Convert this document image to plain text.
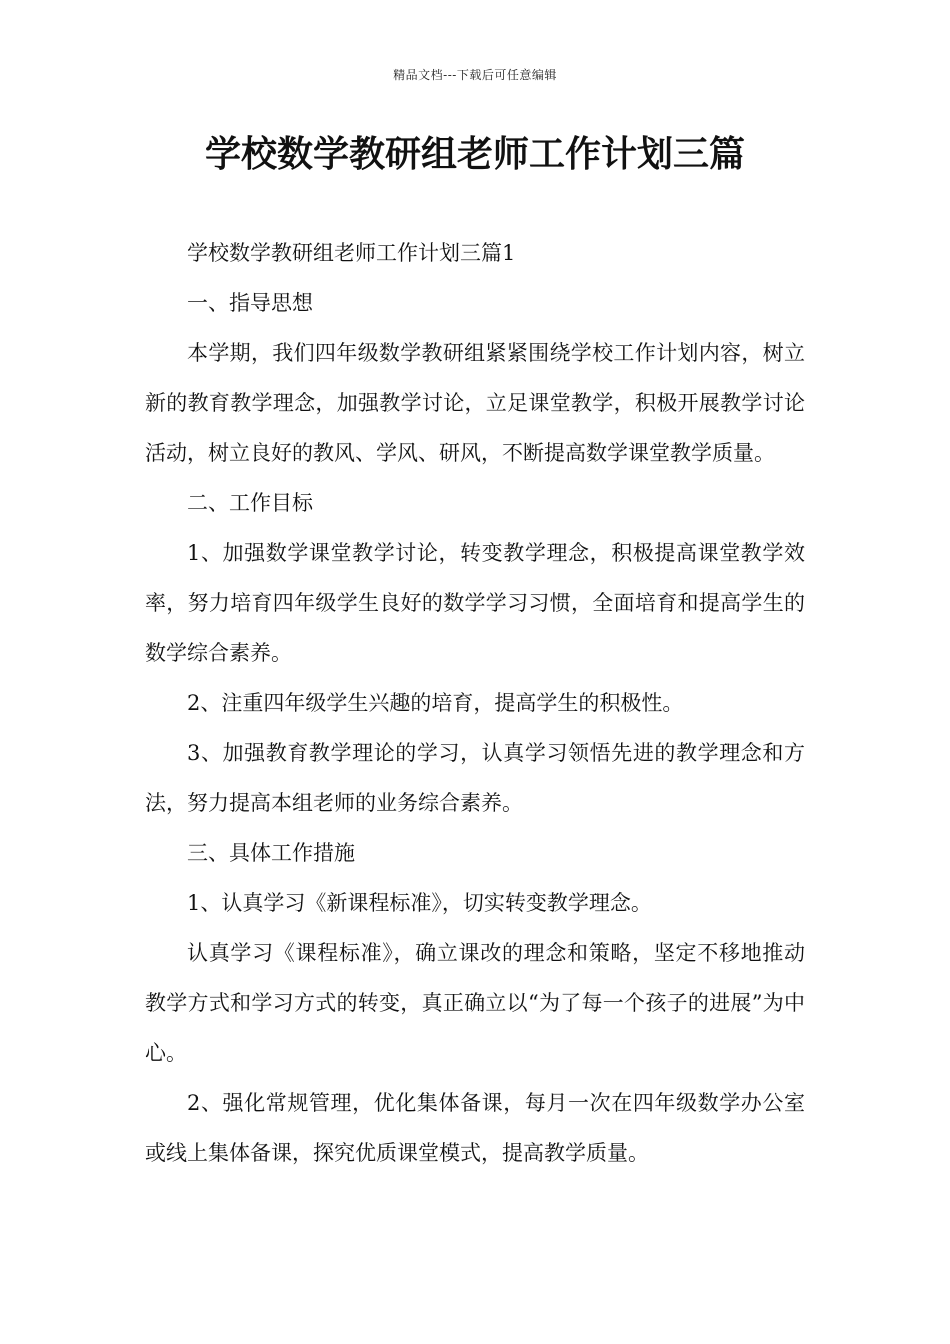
精品文档---下载后可任意编辑
学校数学教研组老师工作计划三篇

学校数学教研组老师工作计划三篇1

一、指导思想

本学期，我们四年级数学教研组紧紧围绕学校工作计划内容，树立新的教育教学理念，加强教学讨论，立足课堂教学，积极开展教学讨论活动，树立良好的教风、学风、研风，不断提高数学课堂教学质量。

二、工作目标

1、加强数学课堂教学讨论，转变教学理念，积极提高课堂教学效率，努力培育四年级学生良好的数学学习习惯，全面培育和提高学生的数学综合素养。

2、注重四年级学生兴趣的培育，提高学生的积极性。

3、加强教育教学理论的学习，认真学习领悟先进的教学理念和方法，努力提高本组老师的业务综合素养。

三、具体工作措施

1、认真学习《新课程标准》，切实转变教学理念。

认真学习《课程标准》，确立课改的理念和策略，坚定不移地推动教学方式和学习方式的转变，真正确立以“为了每一个孩子的进展”为中心。

2、强化常规管理，优化集体备课，每月一次在四年级数学办公室或线上集体备课，探究优质课堂模式，提高教学质量。
